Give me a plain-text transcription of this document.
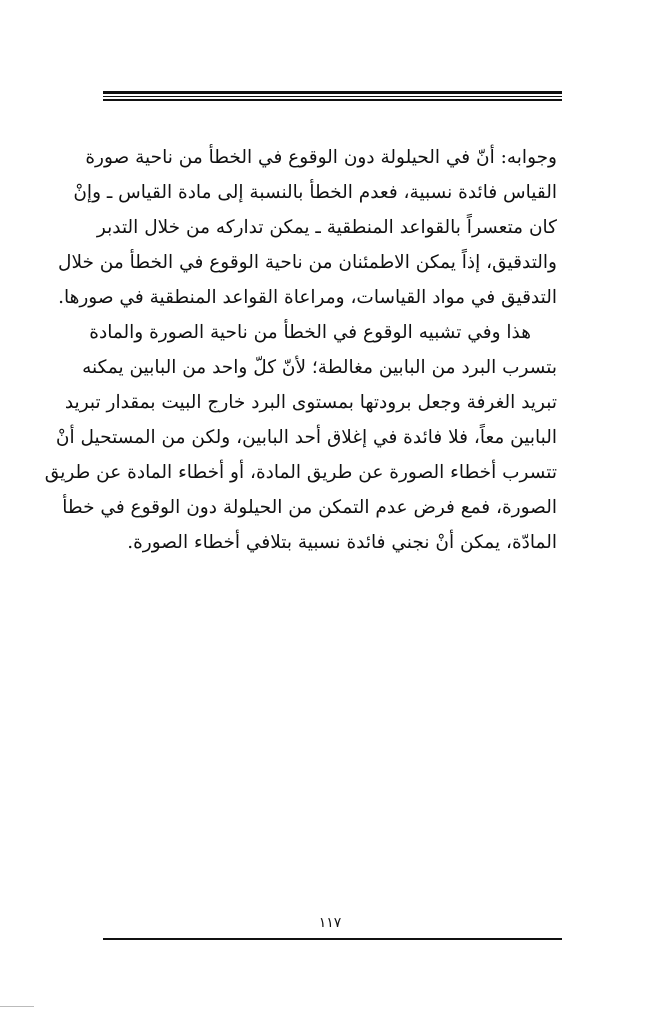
وجوابه: أنّ في الحيلولة دون الوقوع في الخطأ من ناحية صورة
القياس فائدة نسبية، فعدم الخطأ بالنسبة إلى مادة القياس ـ وإنْ
كان متعسراً بالقواعد المنطقية ـ يمكن تداركه من خلال التدبر
والتدقيق، إذاً يمكن الاطمئنان من ناحية الوقوع في الخطأ من خلال
التدقيق في مواد القياسات، ومراعاة القواعد المنطقية في صورها.
هذا وفي تشبيه الوقوع في الخطأ من ناحية الصورة والمادة
بتسرب البرد من البابين مغالطة؛ لأنّ كلّ واحد من البابين يمكنه
تبريد الغرفة وجعل برودتها بمستوى البرد خارج البيت بمقدار تبريد
البابين معاً، فلا فائدة في إغلاق أحد البابين، ولكن من المستحيل أنْ
تتسرب أخطاء الصورة عن طريق المادة، أو أخطاء المادة عن طريق
الصورة، فمع فرض عدم التمكن من الحيلولة دون الوقوع في خطأ
المادّة، يمكن أنْ نجني فائدة نسبية بتلافي أخطاء الصورة.
١١٧
